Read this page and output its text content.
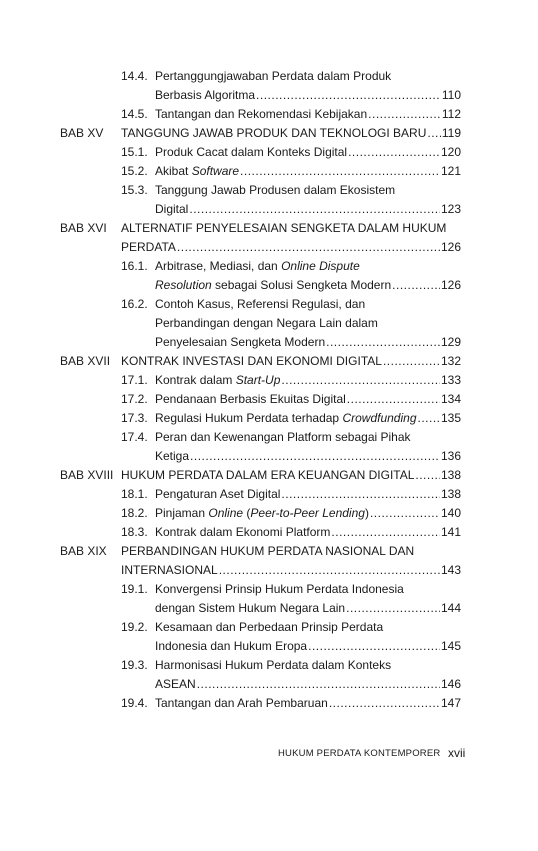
14.4. Pertanggungjawaban Perdata dalam Produk
Berbasis Algoritma .....	110
14.5. Tantangan dan Rekomendasi Kebijakan .....	112
BAB XV TANGGUNG JAWAB PRODUK DAN TEKNOLOGI BARU ..... 119
15.1. Produk Cacat dalam Konteks Digital .....	120
15.2. Akibat Software .....	121
15.3. Tanggung Jawab Produsen dalam Ekosistem
Digital .....	123
BAB XVI ALTERNATIF PENYELESAIAN SENGKETA DALAM HUKUM
PERDATA .....	126
16.1. Arbitrase, Mediasi, dan Online Dispute
Resolution sebagai Solusi Sengketa Modern .....	126
16.2. Contoh Kasus, Referensi Regulasi, dan
Perbandingan dengan Negara Lain dalam
Penyelesaian Sengketa Modern .....	129
BAB XVII KONTRAK INVESTASI DAN EKONOMI DIGITAL .....	132
17.1. Kontrak dalam Start-Up .....	133
17.2. Pendanaan Berbasis Ekuitas Digital .....	134
17.3. Regulasi Hukum Perdata terhadap Crowdfunding ..... 135
17.4. Peran dan Kewenangan Platform sebagai Pihak
Ketiga .....	136
BAB XVIII HUKUM PERDATA DALAM ERA KEUANGAN DIGITAL ..... 138
18.1. Pengaturan Aset Digital .....	138
18.2. Pinjaman Online (Peer-to-Peer Lending) .....	140
18.3. Kontrak dalam Ekonomi Platform .....	141
BAB XIX PERBANDINGAN HUKUM PERDATA NASIONAL DAN
INTERNASIONAL .....	143
19.1. Konvergensi Prinsip Hukum Perdata Indonesia
dengan Sistem Hukum Negara Lain .....	144
19.2. Kesamaan dan Perbedaan Prinsip Perdata
Indonesia dan Hukum Eropa .....	145
19.3. Harmonisasi Hukum Perdata dalam Konteks
ASEAN .....	146
19.4. Tantangan dan Arah Pembaruan .....	147
HUKUM PERDATA KONTEMPORER xvii
